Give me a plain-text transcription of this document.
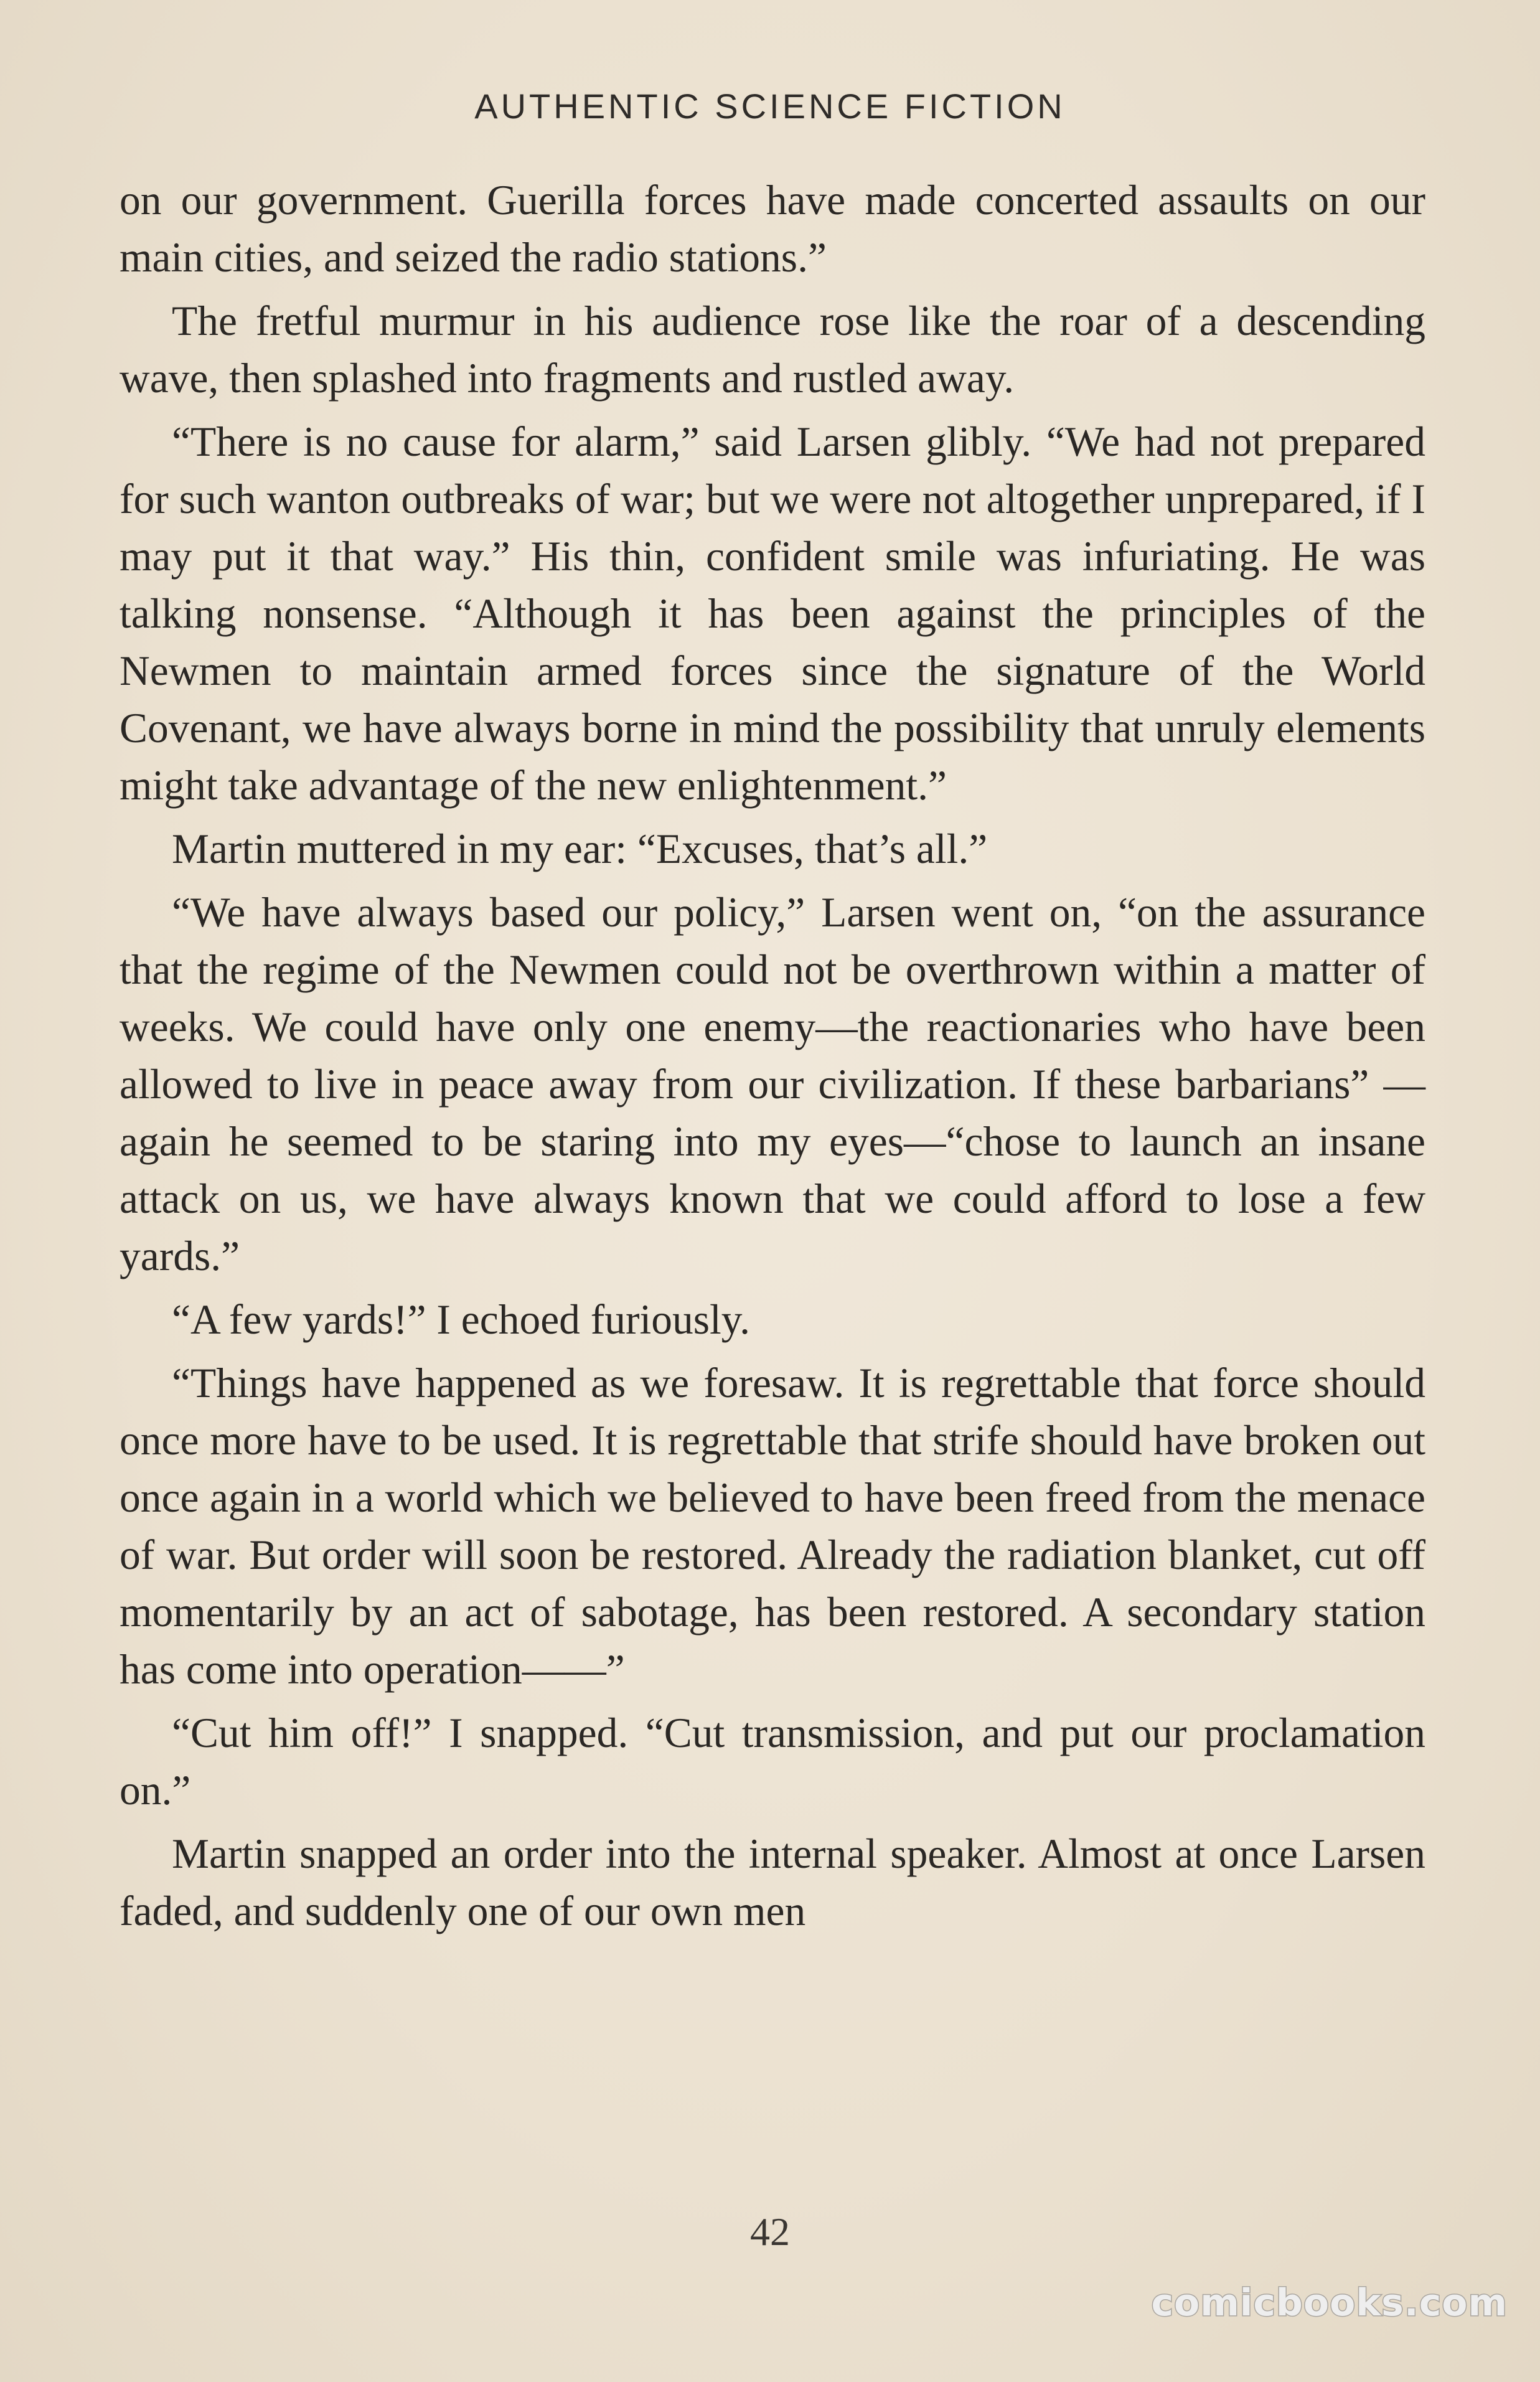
AUTHENTIC SCIENCE FICTION

on our government. Guerilla forces have made concerted assaults on our main cities, and seized the radio stations.”

The fretful murmur in his audience rose like the roar of a descending wave, then splashed into fragments and rustled away.

“There is no cause for alarm,” said Larsen glibly. “We had not prepared for such wanton outbreaks of war; but we were not altogether unprepared, if I may put it that way.” His thin, confident smile was infuriating. He was talking nonsense. “Although it has been against the principles of the Newmen to maintain armed forces since the signature of the World Covenant, we have always borne in mind the possibility that unruly elements might take advantage of the new enlightenment.”

Martin muttered in my ear: “Excuses, that’s all.”

“We have always based our policy,” Larsen went on, “on the assurance that the regime of the Newmen could not be overthrown within a matter of weeks. We could have only one enemy—the reactionaries who have been allowed to live in peace away from our civilization. If these barbarians” —again he seemed to be staring into my eyes—“chose to launch an insane attack on us, we have always known that we could afford to lose a few yards.”

“A few yards!” I echoed furiously.

“Things have happened as we foresaw. It is regrettable that force should once more have to be used. It is regrettable that strife should have broken out once again in a world which we believed to have been freed from the menace of war. But order will soon be restored. Already the radiation blanket, cut off momentarily by an act of sabotage, has been restored. A secondary station has come into operation——”

“Cut him off!” I snapped. “Cut transmission, and put our proclamation on.”

Martin snapped an order into the internal speaker. Almost at once Larsen faded, and suddenly one of our own men

42
comicbooks.com
